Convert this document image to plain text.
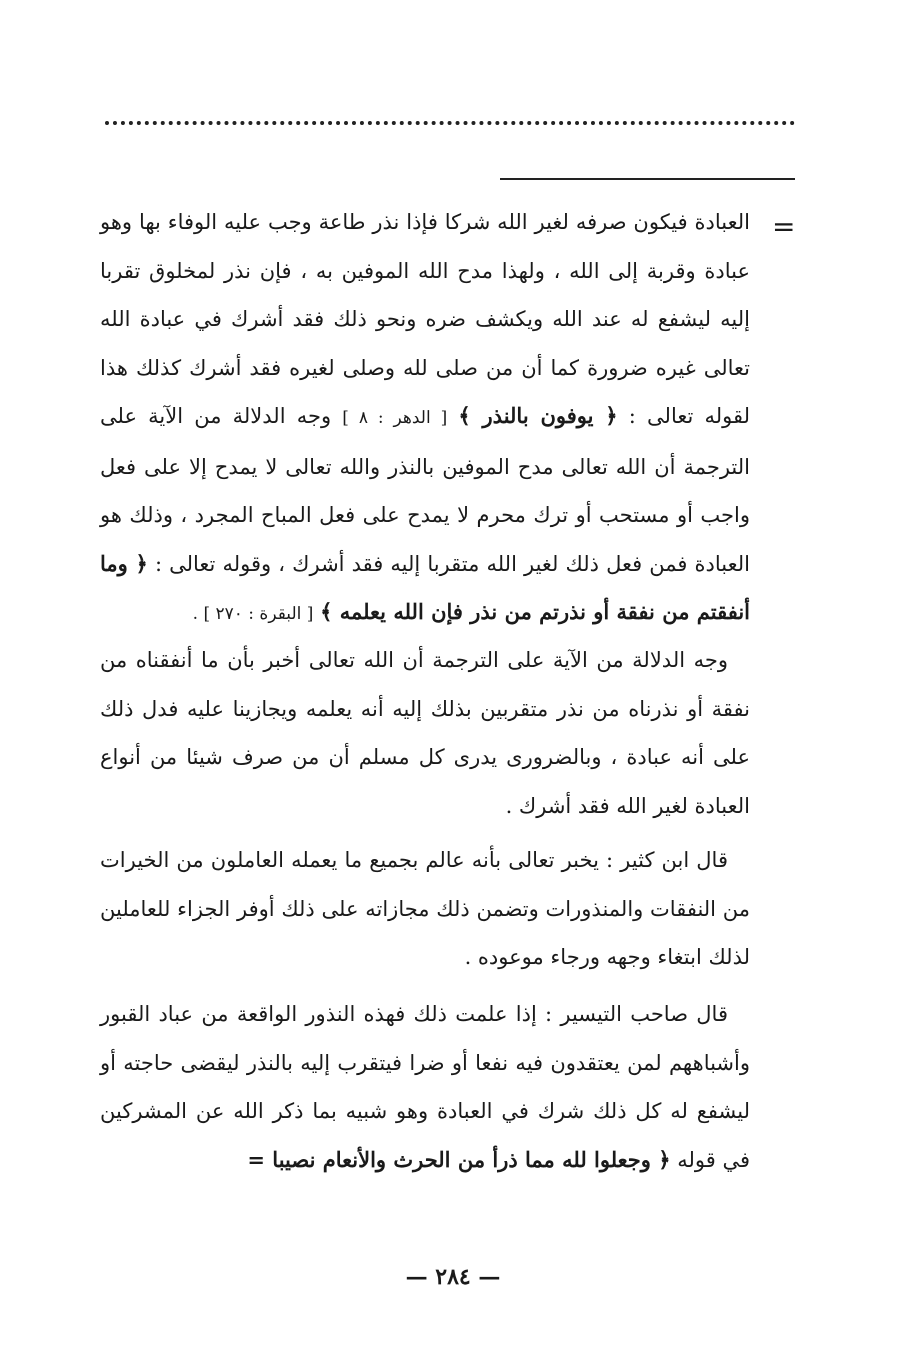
=

العبادة فيكون صرفه لغير الله شركا فإذا نذر طاعة وجب عليه الوفاء بها وهو عبادة وقربة إلى الله ، ولهذا مدح الله الموفين به ، فإن نذر لمخلوق تقربا إليه ليشفع له عند الله ويكشف ضره ونحو ذلك فقد أشرك في عبادة الله تعالى غيره ضرورة كما أن من صلى لله وصلى لغيره فقد أشرك كذلك هذا لقوله تعالى : ﴿ يوفون بالنذر ﴾ [ الدهر : ٨ ] وجه الدلالة من الآية على الترجمة أن الله تعالى مدح الموفين بالنذر والله تعالى لا يمدح إلا على فعل واجب أو مستحب أو ترك محرم لا يمدح على فعل المباح المجرد ، وذلك هو العبادة فمن فعل ذلك لغير الله متقربا إليه فقد أشرك ، وقوله تعالى : ﴿ وما أنفقتم من نفقة أو نذرتم من نذر فإن الله يعلمه ﴾ [ البقرة : ٢٧٠ ] .

وجه الدلالة من الآية على الترجمة أن الله تعالى أخبر بأن ما أنفقناه من نفقة أو نذرناه من نذر متقربين بذلك إليه أنه يعلمه ويجازينا عليه فدل ذلك على أنه عبادة ، وبالضرورى يدرى كل مسلم أن من صرف شيئا من أنواع العبادة لغير الله فقد أشرك .

قال ابن كثير : يخبر تعالى بأنه عالم بجميع ما يعمله العاملون من الخيرات من النفقات والمنذورات وتضمن ذلك مجازاته على ذلك أوفر الجزاء للعاملين لذلك ابتغاء وجهه ورجاء موعوده .

قال صاحب التيسير : إذا علمت ذلك فهذه النذور الواقعة من عباد القبور وأشباههم لمن يعتقدون فيه نفعا أو ضرا فيتقرب إليه بالنذر ليقضى حاجته أو ليشفع له كل ذلك شرك في العبادة وهو شبيه بما ذكر الله عن المشركين في قوله ﴿ وجعلوا لله مما ذرأ من الحرث والأنعام نصيبا =

— ٢٨٤ —
